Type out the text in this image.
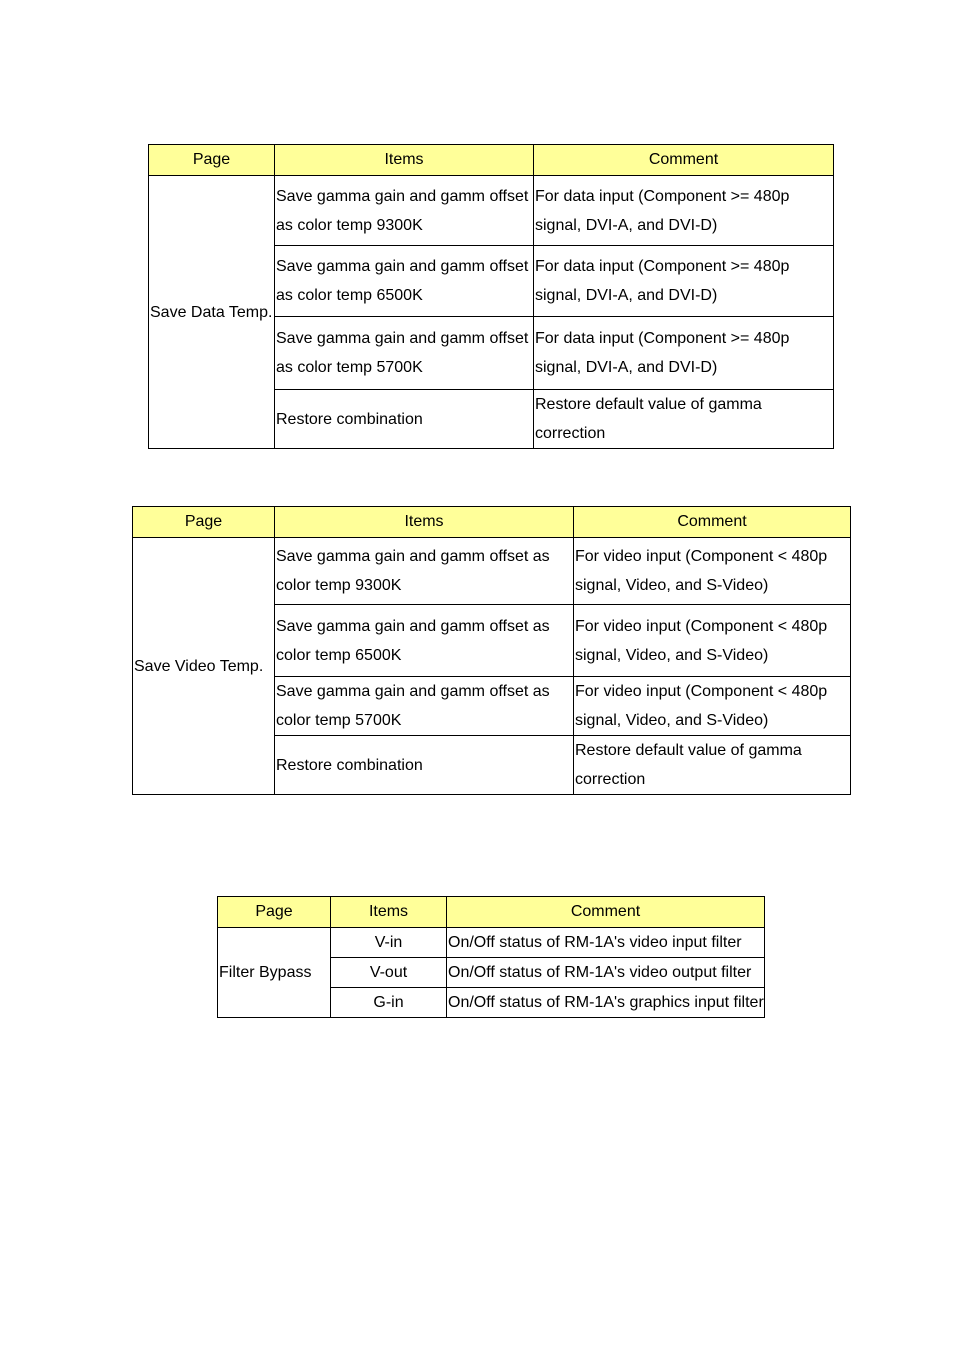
Page	Items	Comment
Save Data Temp.	Save gamma gain and gamm offset as color temp 9300K	For data input (Component >= 480p signal, DVI-A, and DVI-D)
	Save gamma gain and gamm offset as color temp 6500K	For data input (Component >= 480p signal, DVI-A, and DVI-D)
	Save gamma gain and gamm offset as color temp 5700K	For data input (Component >= 480p signal, DVI-A, and DVI-D)
	Restore combination	Restore default value of gamma correction
Page	Items	Comment
Save Video Temp.	Save gamma gain and gamm offset as color temp 9300K	For video input (Component < 480p signal, Video, and S-Video)
	Save gamma gain and gamm offset as color temp 6500K	For video input (Component < 480p signal, Video, and S-Video)
	Save gamma gain and gamm offset as color temp 5700K	For video input (Component < 480p signal, Video, and S-Video)
	Restore combination	Restore default value of gamma correction
Page	Items	Comment
Filter Bypass	V-in	On/Off status of RM-1A's video input filter
	V-out	On/Off status of RM-1A's video output filter
	G-in	On/Off status of RM-1A's graphics input filter
